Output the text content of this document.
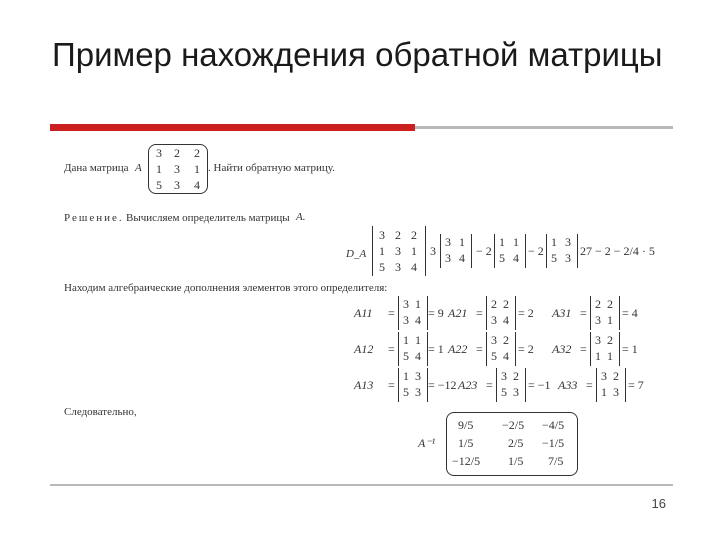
Пример нахождения обратной матрицы
Дана матрица A
3 2 2
1 3 1
5 3 4
. Найти обратную матрицу.
Решение. Вычисляем определитель матрицы A.
D_A
3 2 2
1 3 1
5 3 4
3
3 1
3 4 − 2
1 1
5 4 − 2
1 3
5 3 27 − 2 − 2/4 · 5
Находим алгебраические дополнения элементов этого определителя:
A11 =
3 1
3 4 = 9 A21 =
2 2
3 4 = 2 A31 =
2 2
3 1 = 4
A12 =
1 1
5 4 = 1 A22 =
3 2
5 4 = 2 A32 =
3 2
1 1 = 1
A13 =
1 3
5 3 = −12 A23 =
3 2
5 3 = −1 A33 =
3 2
1 3 = 7
Следовательно,
A⁻¹
9/5 −2/5 −4/5
1/5	2/5 −1/5
−12/5 1/5 7/5
16
